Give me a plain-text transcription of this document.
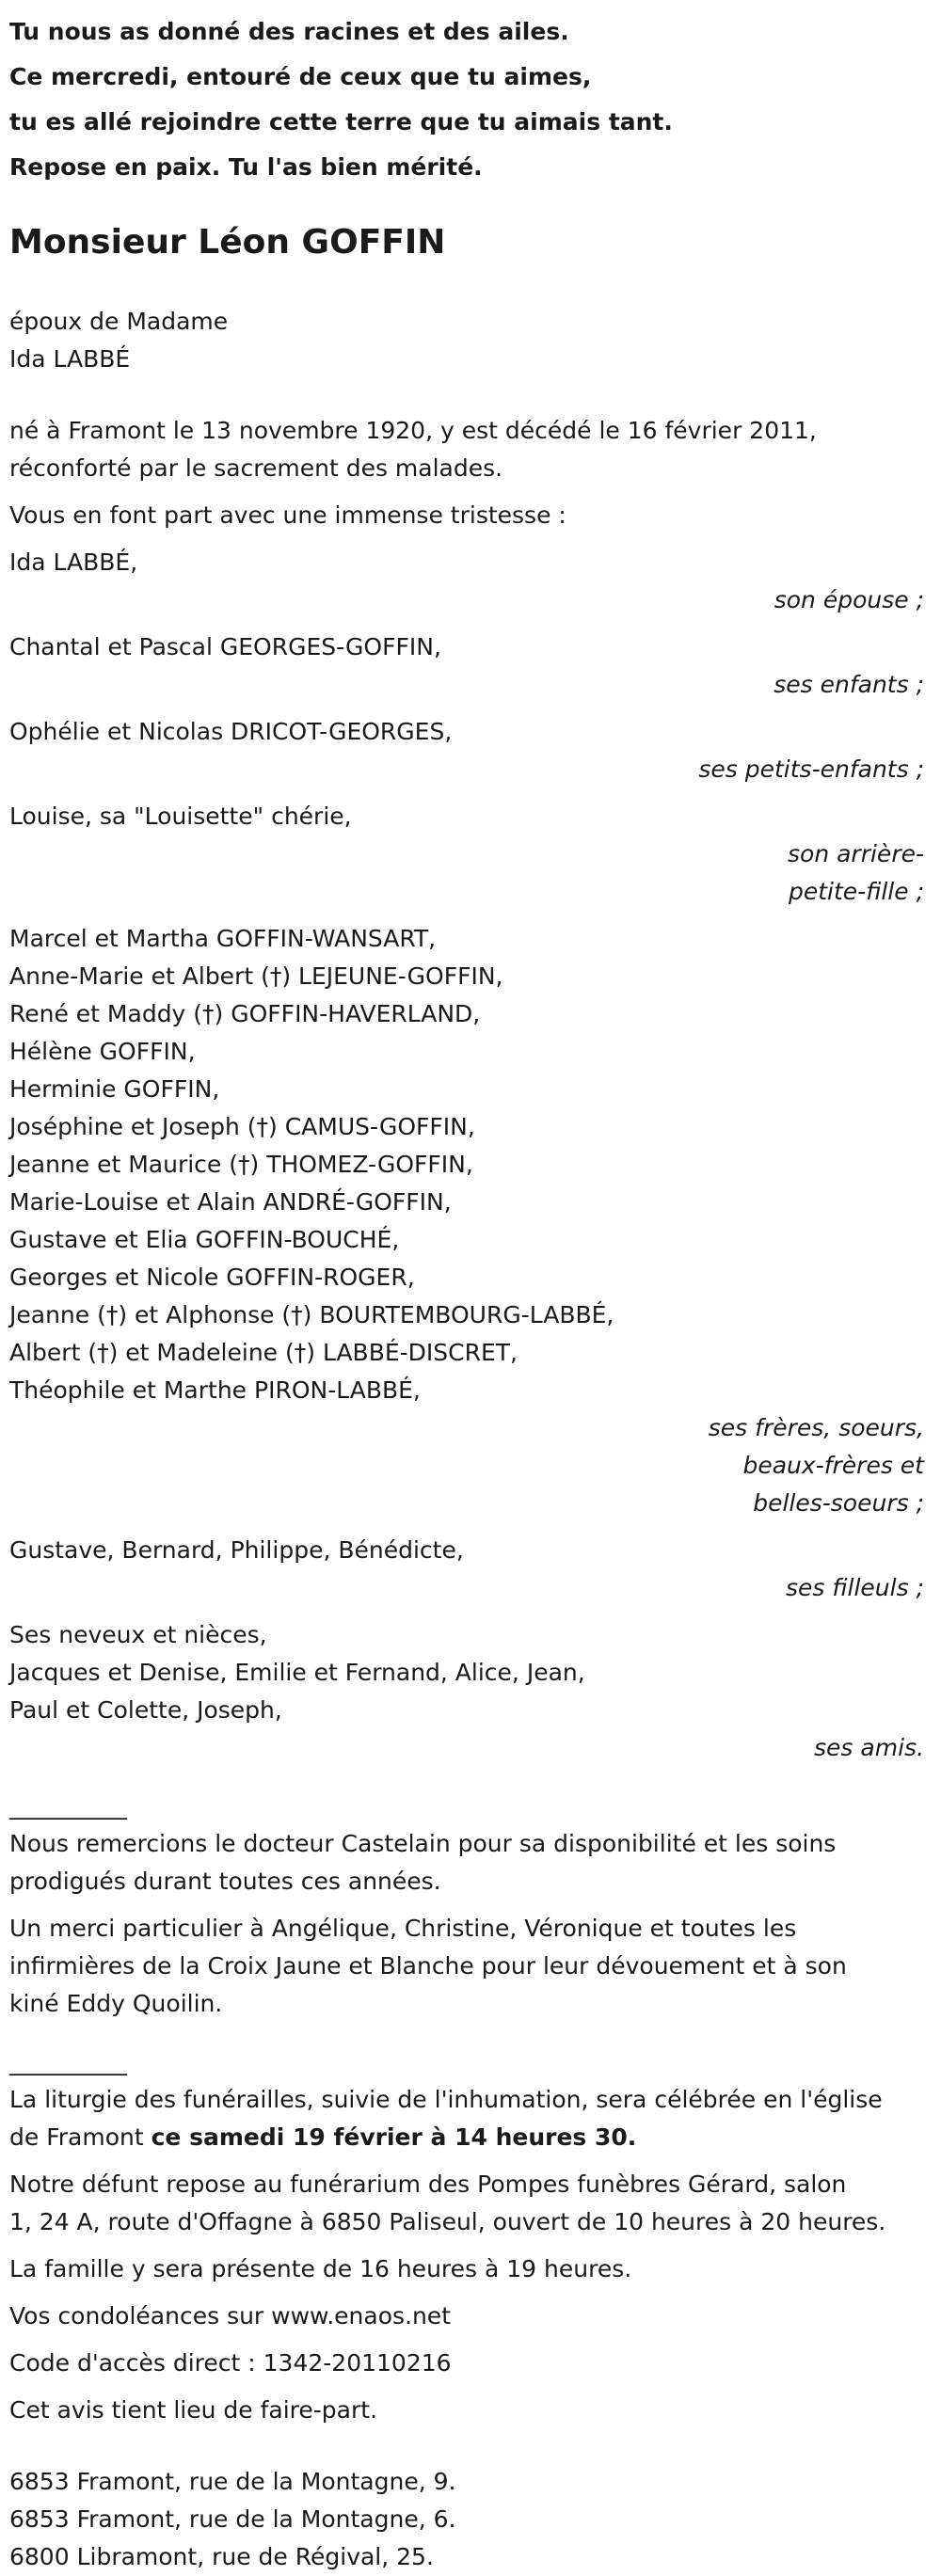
Tu nous as donné des racines et des ailes.

Ce mercredi, entouré de ceux que tu aimes,

tu es allé rejoindre cette terre que tu aimais tant.

Repose en paix. Tu l'as bien mérité.

Monsieur Léon GOFFIN

époux de Madame

Ida LABBÉ

né à Framont le 13 novembre 1920, y est décédé le 16 février 2011,

réconforté par le sacrement des malades.

Vous en font part avec une immense tristesse :

Ida LABBÉ,

son épouse ;

Chantal et Pascal GEORGES-GOFFIN,

ses enfants ;

Ophélie et Nicolas DRICOT-GEORGES,

ses petits-enfants ;

Louise, sa "Louisette" chérie,

son arrière-

petite-fille ;

Marcel et Martha GOFFIN-WANSART,

Anne-Marie et Albert (†) LEJEUNE-GOFFIN,

René et Maddy (†) GOFFIN-HAVERLAND,

Hélène GOFFIN,

Herminie GOFFIN,

Joséphine et Joseph (†) CAMUS-GOFFIN,

Jeanne et Maurice (†) THOMEZ-GOFFIN,

Marie-Louise et Alain ANDRÉ-GOFFIN,

Gustave et Elia GOFFIN-BOUCHÉ,

Georges et Nicole GOFFIN-ROGER,

Jeanne (†) et Alphonse (†) BOURTEMBOURG-LABBÉ,

Albert (†) et Madeleine (†) LABBÉ-DISCRET,

Théophile et Marthe PIRON-LABBÉ,

ses frères, soeurs,

beaux-frères et

belles-soeurs ;

Gustave, Bernard, Philippe, Bénédicte,

ses filleuls ;

Ses neveux et nièces,

Jacques et Denise, Emilie et Fernand, Alice, Jean,

Paul et Colette, Joseph,

ses amis.

__________

Nous remercions le docteur Castelain pour sa disponibilité et les soins

prodigués durant toutes ces années.

Un merci particulier à Angélique, Christine, Véronique et toutes les

infirmières de la Croix Jaune et Blanche pour leur dévouement et à son

kiné Eddy Quoilin.

__________

La liturgie des funérailles, suivie de l'inhumation, sera célébrée en l'église

de Framont ce samedi 19 février à 14 heures 30.

Notre défunt repose au funérarium des Pompes funèbres Gérard, salon

1, 24 A, route d'Offagne à 6850 Paliseul, ouvert de 10 heures à 20 heures.

La famille y sera présente de 16 heures à 19 heures.

Vos condoléances sur www.enaos.net

Code d'accès direct : 1342-20110216

Cet avis tient lieu de faire-part.

6853 Framont, rue de la Montagne, 9.

6853 Framont, rue de la Montagne, 6.

6800 Libramont, rue de Régival, 25.
